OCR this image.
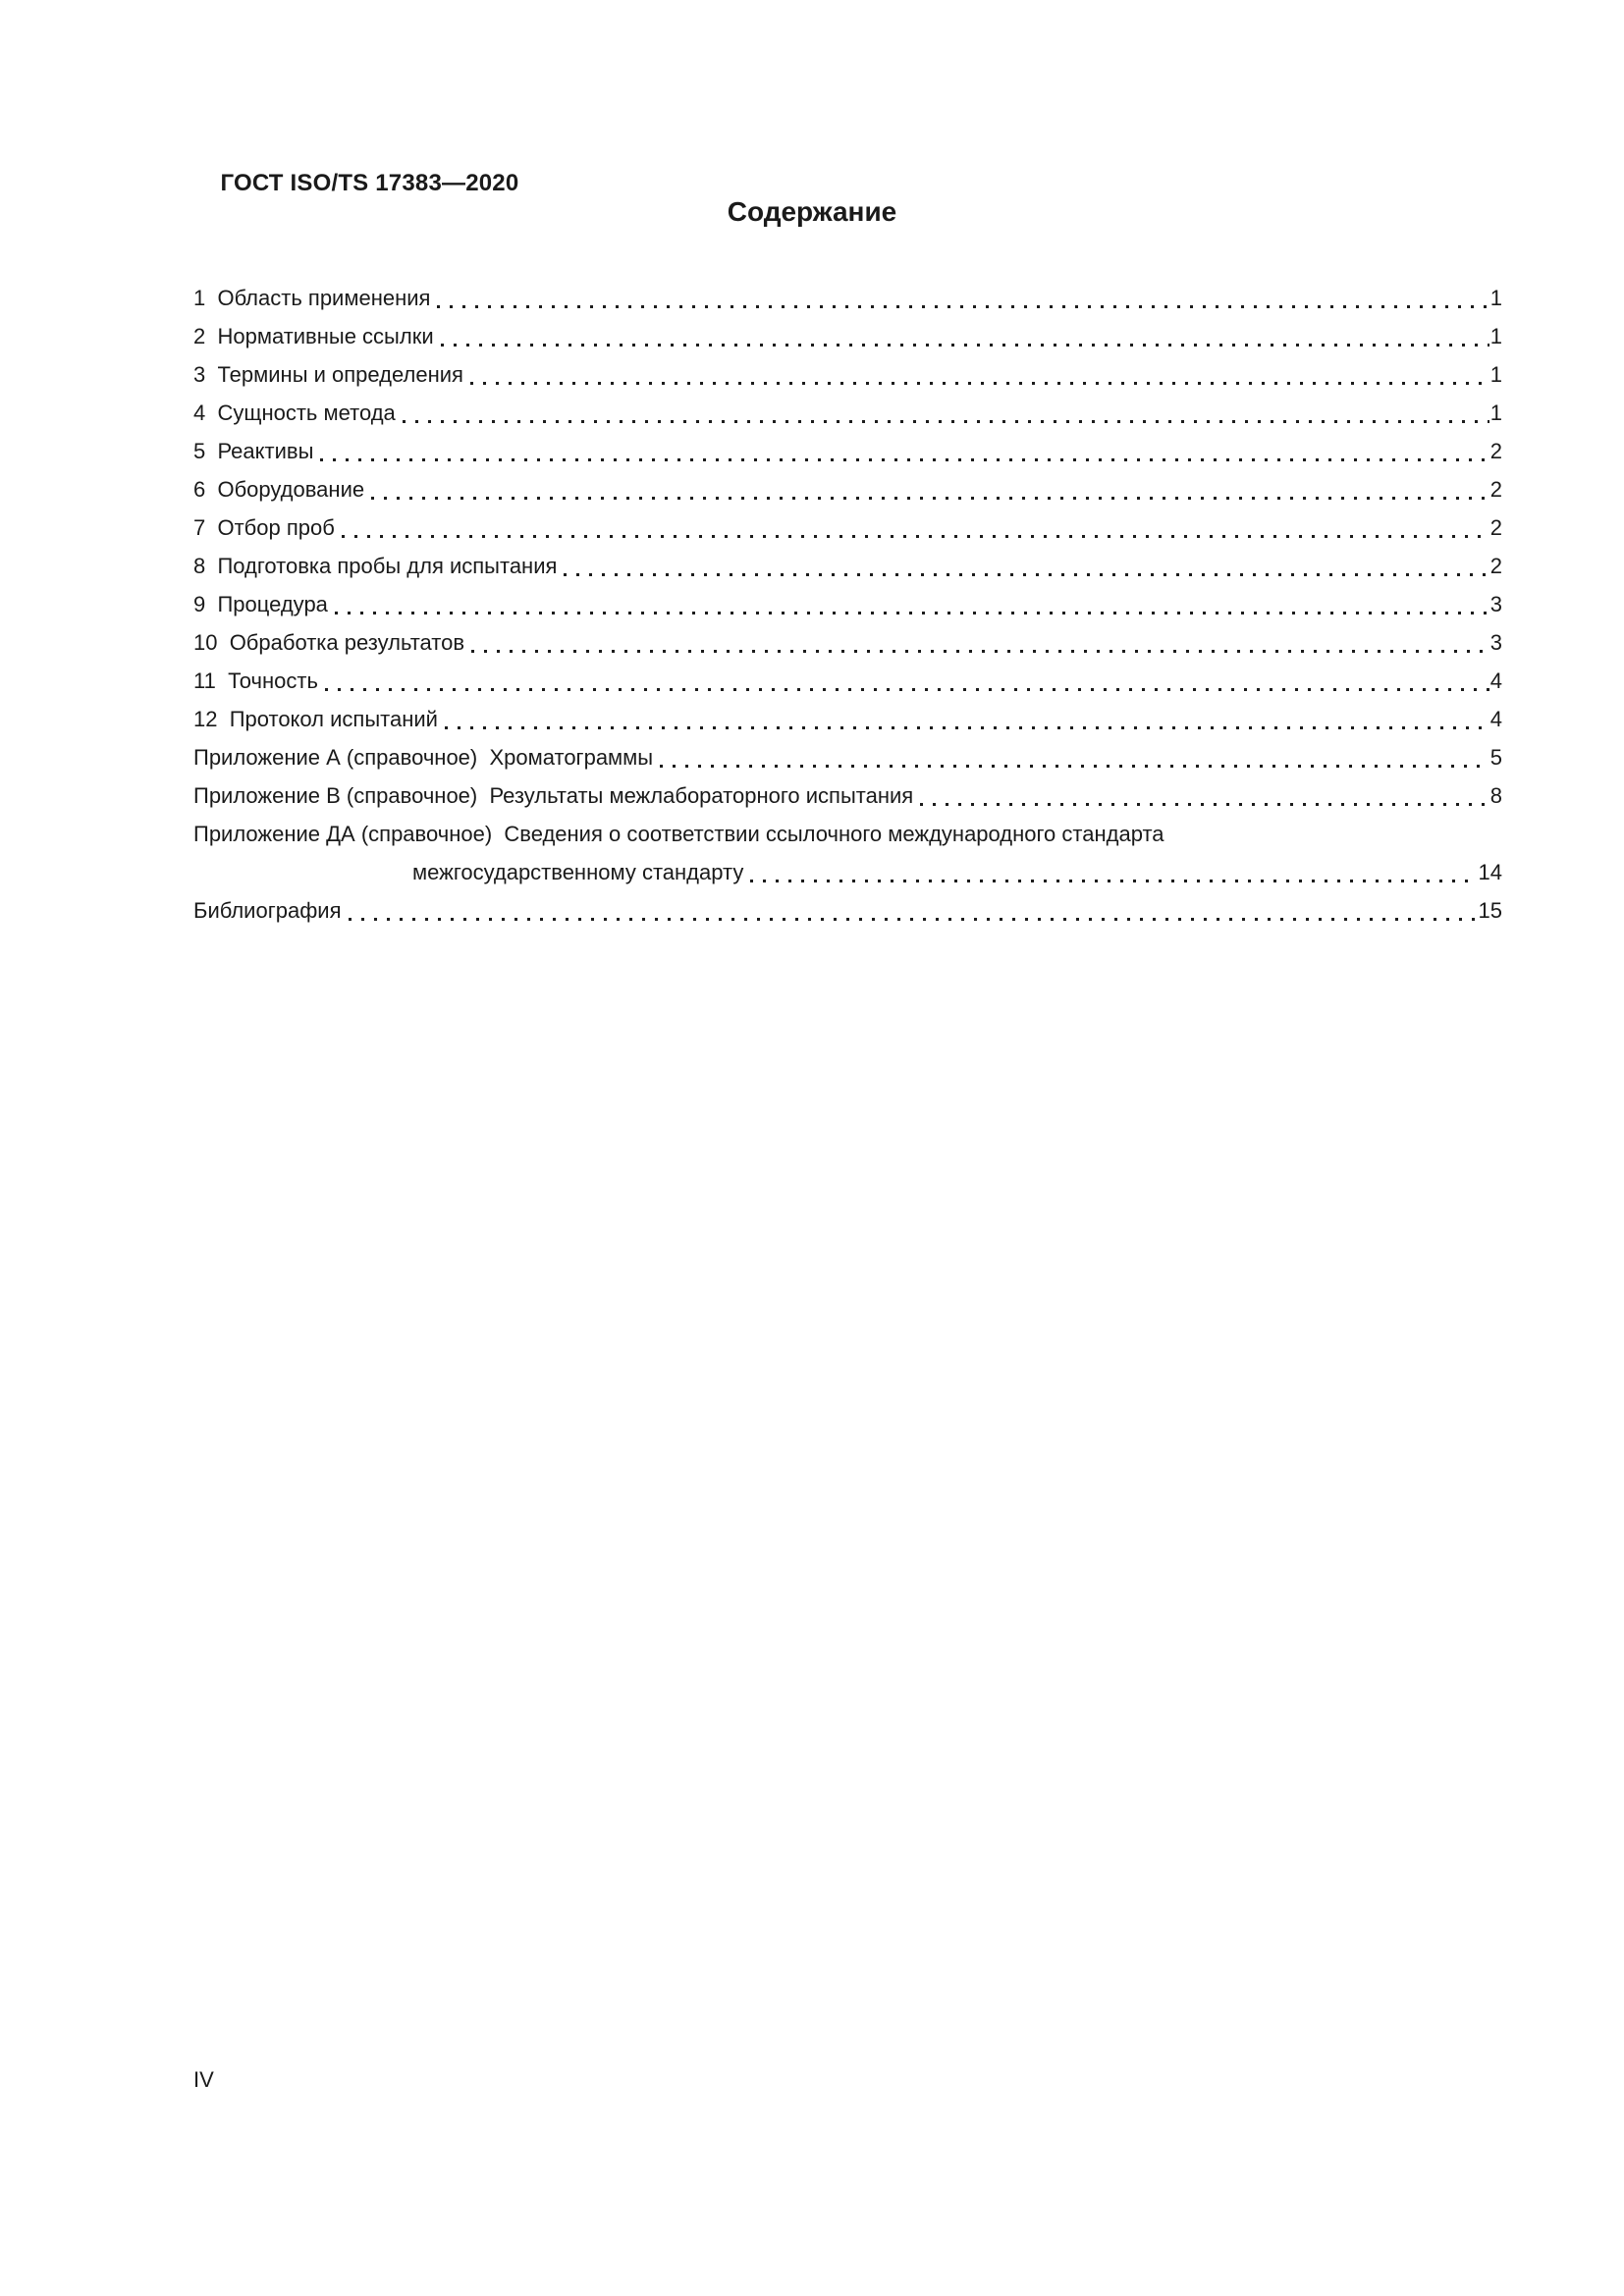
ГОСТ ISO/TS 17383—2020

Содержание
1  Область применения	1
2  Нормативные ссылки	1
3  Термины и определения	1
4  Сущность метода	1
5  Реактивы	2
6  Оборудование	2
7  Отбор проб	2
8  Подготовка пробы для испытания	2
9  Процедура	3
10  Обработка результатов	3
11  Точность	4
12  Протокол испытаний	4
Приложение А (справочное)  Хроматограммы	5
Приложение В (справочное)  Результаты межлабораторного испытания	8
Приложение ДА (справочное)  Сведения о соответствии ссылочного международного стандарта
межгосударственному стандарту	14
Библиография	15
IV
